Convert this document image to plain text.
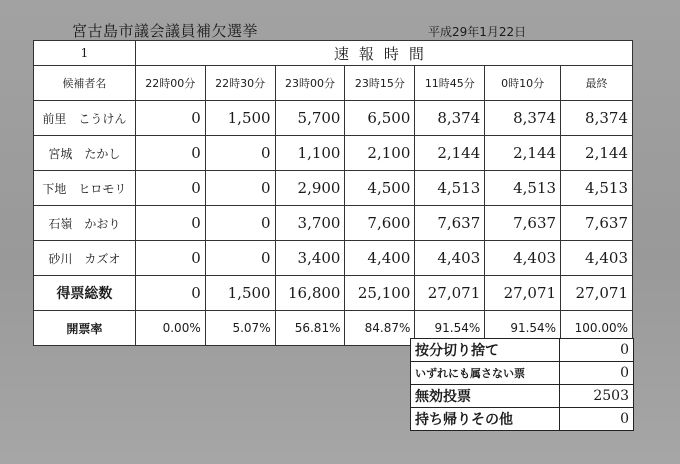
宮古島市議会議員補欠選挙	平成29年1月22日
1	速報時間						
候補者名	22時00分	22時30分	23時00分	23時15分	11時45分	0時10分	最終
前里　こうけん	0	1,500	5,700	6,500	8,374	8,374	8,374
宮城　たかし	0	0	1,100	2,100	2,144	2,144	2,144
下地　ヒロモリ	0	0	2,900	4,500	4,513	4,513	4,513
石嶺　かおり	0	0	3,700	7,600	7,637	7,637	7,637
砂川　カズオ	0	0	3,400	4,400	4,403	4,403	4,403
得票総数	0	1,500	16,800	25,100	27,071	27,071	27,071
開票率	0.00%	5.07%	56.81%	84.87%	91.54%	91.54%	100.00%
按分切り捨て	0
いずれにも属さない票	0
無効投票	2503
持ち帰りその他	0
